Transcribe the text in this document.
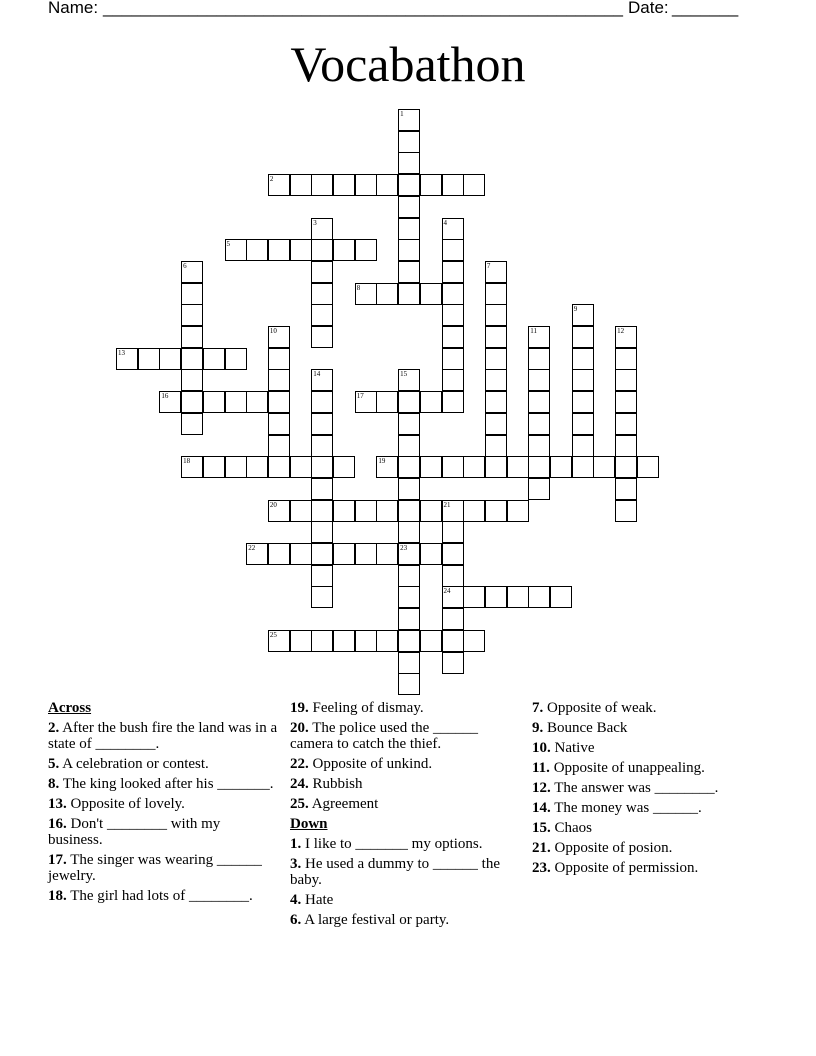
Name: _______________________________________________________ Date: _______
Vocabathon
1
2
3	4
5
6	7
8
9
10	11	12
13
14	15
23
16	17
18	19
20	21
24
22
25
Across
2. After the bush fire the land was in a state of ________.
5. A celebration or contest.
8. The king looked after his _______.
13. Opposite of lovely.
16. Don't ________ with my business.
17. The singer was wearing ______ jewelry.
18. The girl had lots of ________.
19. Feeling of dismay.
20. The police used the ______ camera to catch the thief.
22. Opposite of unkind.
24. Rubbish
25. Agreement
Down
1. I like to _______ my options.
3. He used a dummy to ______ the baby.
4. Hate
6. A large festival or party.
7. Opposite of weak.
9. Bounce Back
10. Native
11. Opposite of unappealing.
12. The answer was ________.
14. The money was ______.
15. Chaos
21. Opposite of posion.
23. Opposite of permission.
